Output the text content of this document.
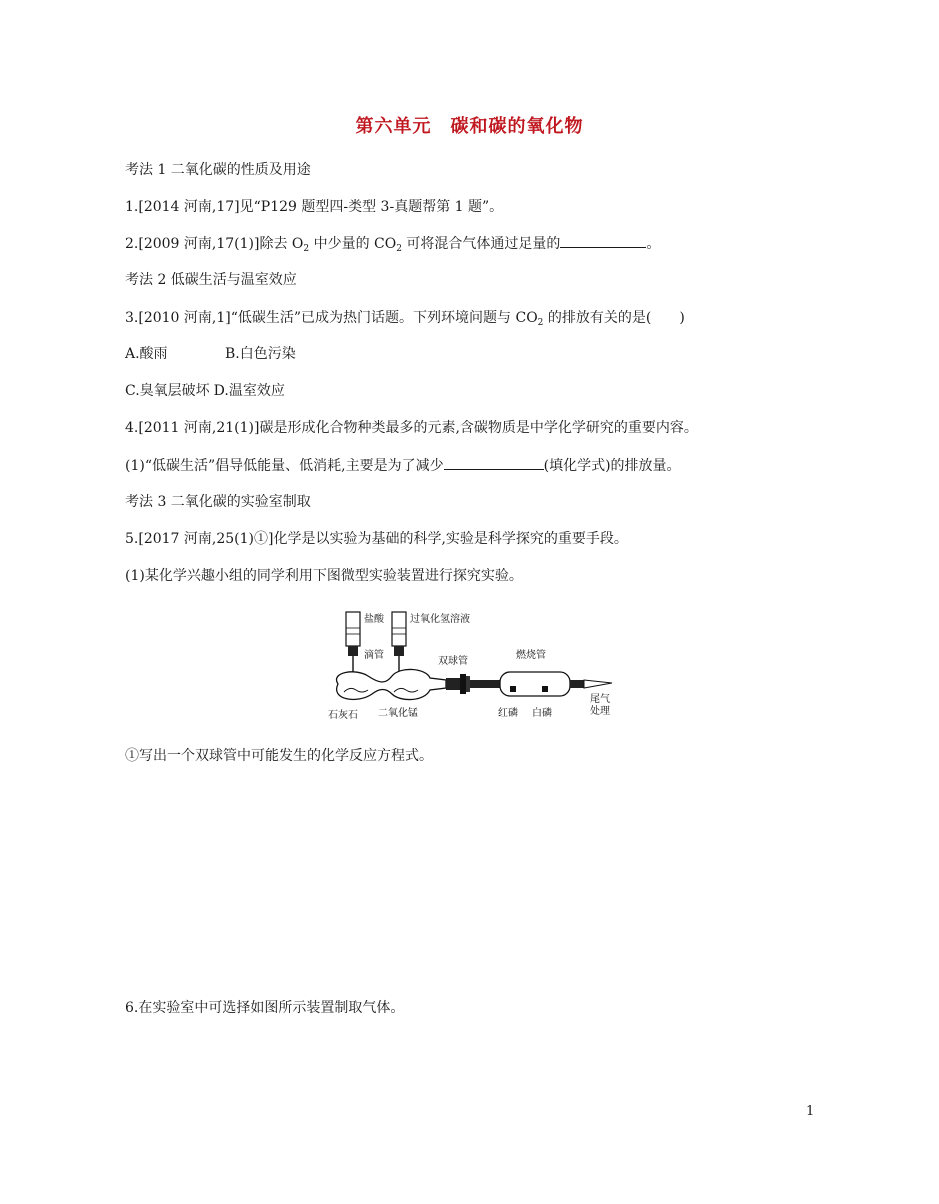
第六单元　碳和碳的氧化物
考法 1 二氧化碳的性质及用途
1.[2014 河南,17]见“P129 题型四-类型 3-真题帮第 1 题”。
2.[2009 河南,17(1)]除去 $O_2$ 中少量的 $CO_2$ 可将混合气体通过足量的	。
考法 2 低碳生活与温室效应
3.[2010 河南,1]“低碳生活”已成为热门话题。下列环境问题与 $CO_2$ 的排放有关的是( )
A.酸雨	B.白色污染
C.臭氧层破坏 D.温室效应
4.[2011 河南,21(1)]碳是形成化合物种类最多的元素,含碳物质是中学化学研究的重要内容。
(1)“低碳生活”倡导低能量、低消耗,主要是为了减少	(填化学式)的排放量。
考法 3 二氧化碳的实验室制取
5.[2017 河南,25(1)①]化学是以实验为基础的科学,实验是科学探究的重要手段。
(1)某化学兴趣小组的同学利用下图微型实验装置进行探究实验。
盐酸	过氧化氢溶液
滴管
双球管
燃烧管
石灰石 二氧化锰	红磷 白磷
尾气
处理
①写出一个双球管中可能发生的化学反应方程式。
6.在实验室中可选择如图所示装置制取气体。
1
